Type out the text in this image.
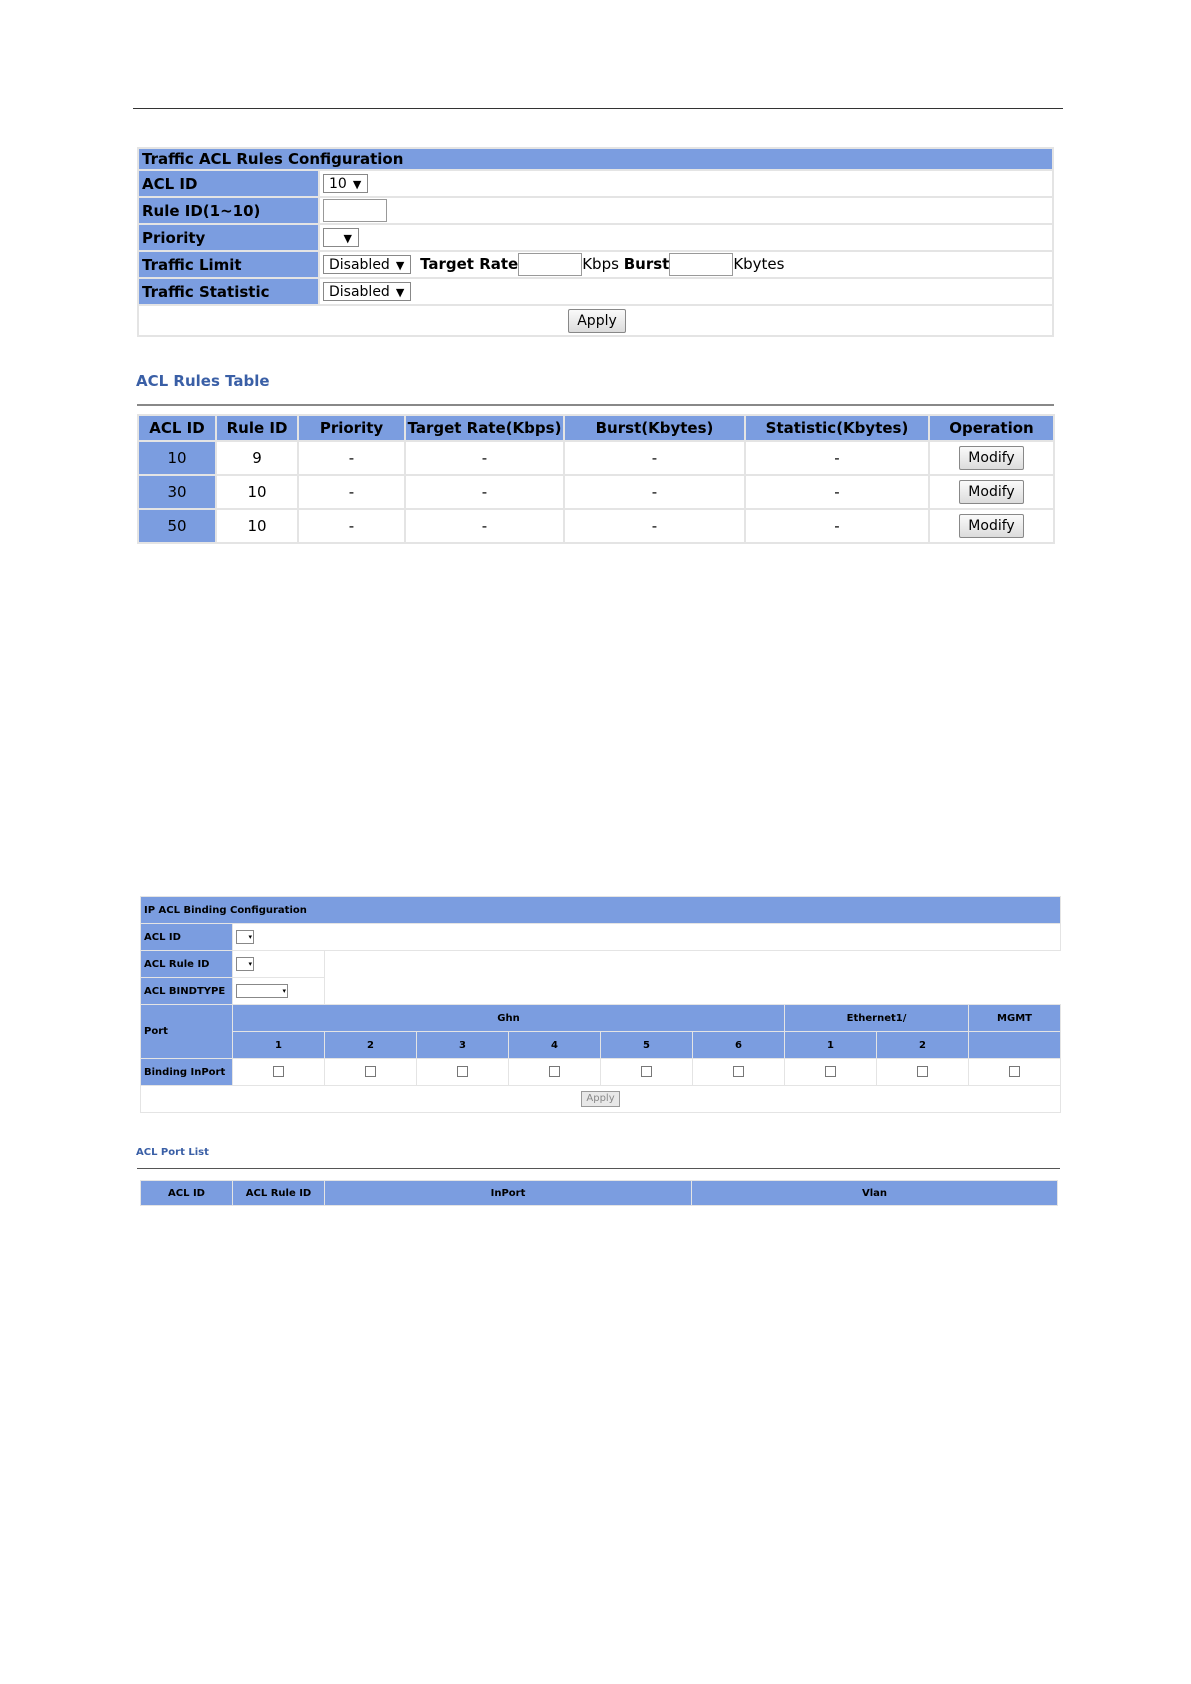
Traffic ACL Rules Configuration	
ACL ID	10 ▼
Rule ID(1~10)	
Priority	▼
Traffic Limit	Disabled ▼ Target Rate Kbps Burst Kbytes
Traffic Statistic	Disabled ▼
Apply	
ACL Rules Table
ACL ID	Rule ID	Priority	Target Rate(Kbps)	Burst(Kbytes)	Statistic(Kbytes)	Operation
10	9	-	-	-	-	Modify
30	10	-	-	-	-	Modify
50	10	-	-	-	-	Modify
IP ACL Binding Configuration									
ACL ID	▾								
ACL Rule ID	▾								
ACL BINDTYPE	▾								
Port	Ghn						Ethernet1/		MGMT
	1	2	3	4	5	6	1	2	
Binding InPort									
Apply									
ACL Port List
ACL ID	ACL Rule ID	InPort	Vlan
